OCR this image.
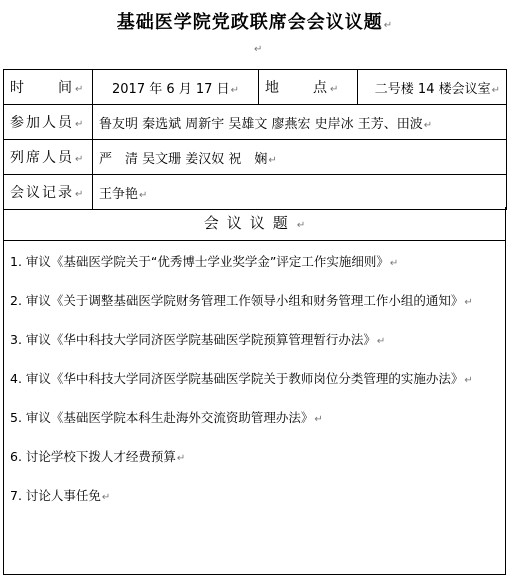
基础医学院党政联席会会议议题↵
↵
时　　间↵	2017 年 6 月 17 日↵	地　　点↵	二号楼 14 楼会议室↵
参加人员↵	鲁友明 秦选斌 周新宇 吴雄文 廖燕宏 史岸冰 王芳、田波↵		
列席人员↵	严　清 吴文珊 姜汉奴 祝　娴↵		
会议记录↵	王争艳↵		
会议议题↵
1. 审议《基础医学院关于“优秀博士学业奖学金”评定工作实施细则》↵
2. 审议《关于调整基础医学院财务管理工作领导小组和财务管理工作小组的通知》↵
3. 审议《华中科技大学同济医学院基础医学院预算管理暂行办法》↵
4. 审议《华中科技大学同济医学院基础医学院关于教师岗位分类管理的实施办法》↵
5. 审议《基础医学院本科生赴海外交流资助管理办法》↵
6. 讨论学校下拨人才经费预算↵
7. 讨论人事任免↵
